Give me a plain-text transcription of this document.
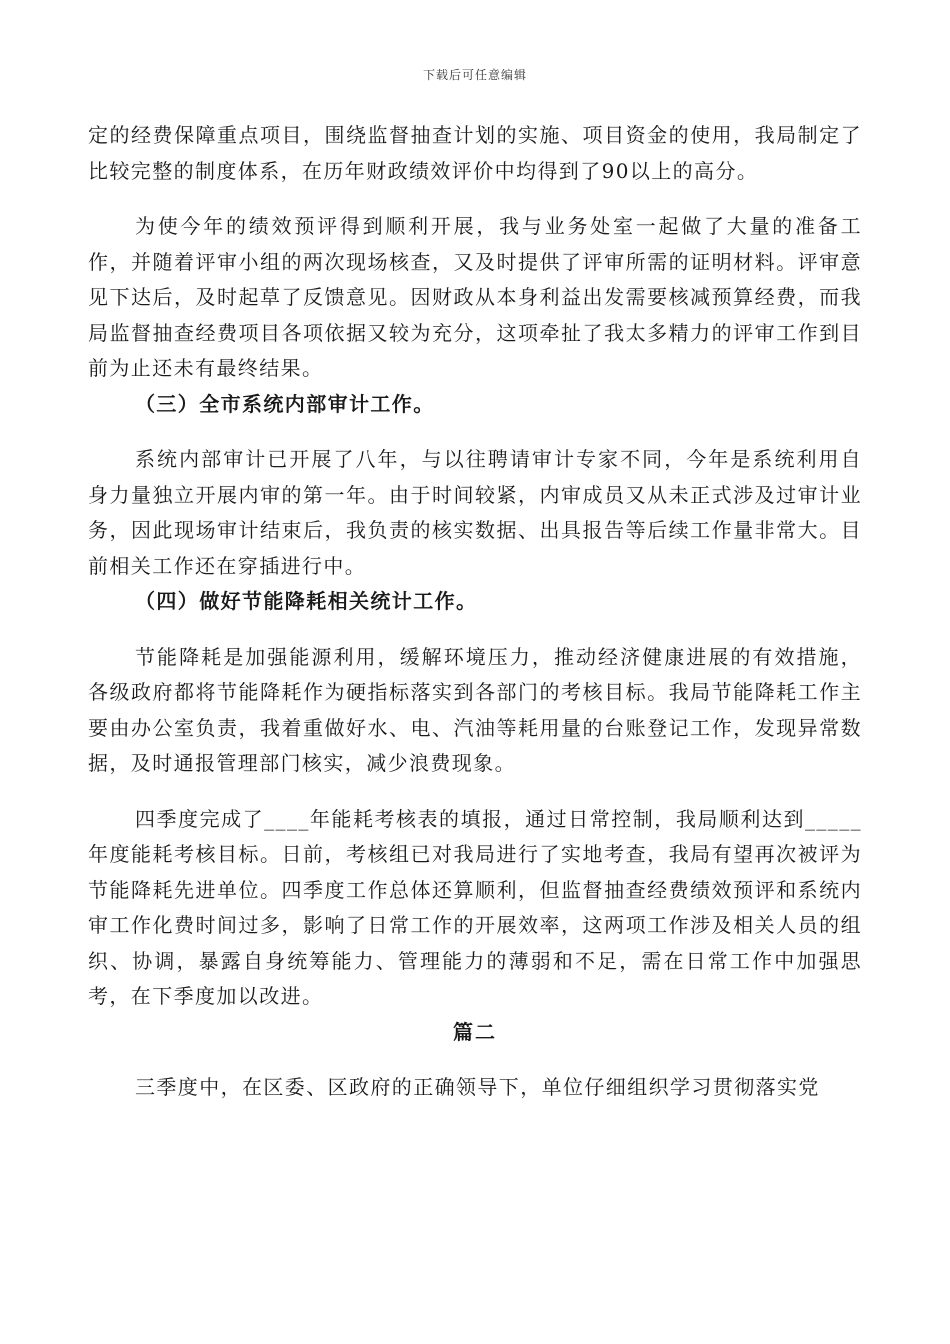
下载后可任意编辑

定的经费保障重点项目，围绕监督抽查计划的实施、项目资金的使用，我局制定了比较完整的制度体系，在历年财政绩效评价中均得到了90以上的高分。

为使今年的绩效预评得到顺利开展，我与业务处室一起做了大量的准备工作，并随着评审小组的两次现场核查，又及时提供了评审所需的证明材料。评审意见下达后，及时起草了反馈意见。因财政从本身利益出发需要核减预算经费，而我局监督抽查经费项目各项依据又较为充分，这项牵扯了我太多精力的评审工作到目前为止还未有最终结果。

（三）全市系统内部审计工作。

系统内部审计已开展了八年，与以往聘请审计专家不同，今年是系统利用自身力量独立开展内审的第一年。由于时间较紧，内审成员又从未正式涉及过审计业务，因此现场审计结束后，我负责的核实数据、出具报告等后续工作量非常大。目前相关工作还在穿插进行中。

（四）做好节能降耗相关统计工作。

节能降耗是加强能源利用，缓解环境压力，推动经济健康进展的有效措施，各级政府都将节能降耗作为硬指标落实到各部门的考核目标。我局节能降耗工作主要由办公室负责，我着重做好水、电、汽油等耗用量的台账登记工作，发现异常数据，及时通报管理部门核实，减少浪费现象。

四季度完成了____年能耗考核表的填报，通过日常控制，我局顺利达到_____年度能耗考核目标。日前，考核组已对我局进行了实地考查，我局有望再次被评为节能降耗先进单位。四季度工作总体还算顺利，但监督抽查经费绩效预评和系统内审工作化费时间过多，影响了日常工作的开展效率，这两项工作涉及相关人员的组织、协调，暴露自身统筹能力、管理能力的薄弱和不足，需在日常工作中加强思考，在下季度加以改进。

篇二

三季度中，在区委、区政府的正确领导下，单位仔细组织学习贯彻落实党
